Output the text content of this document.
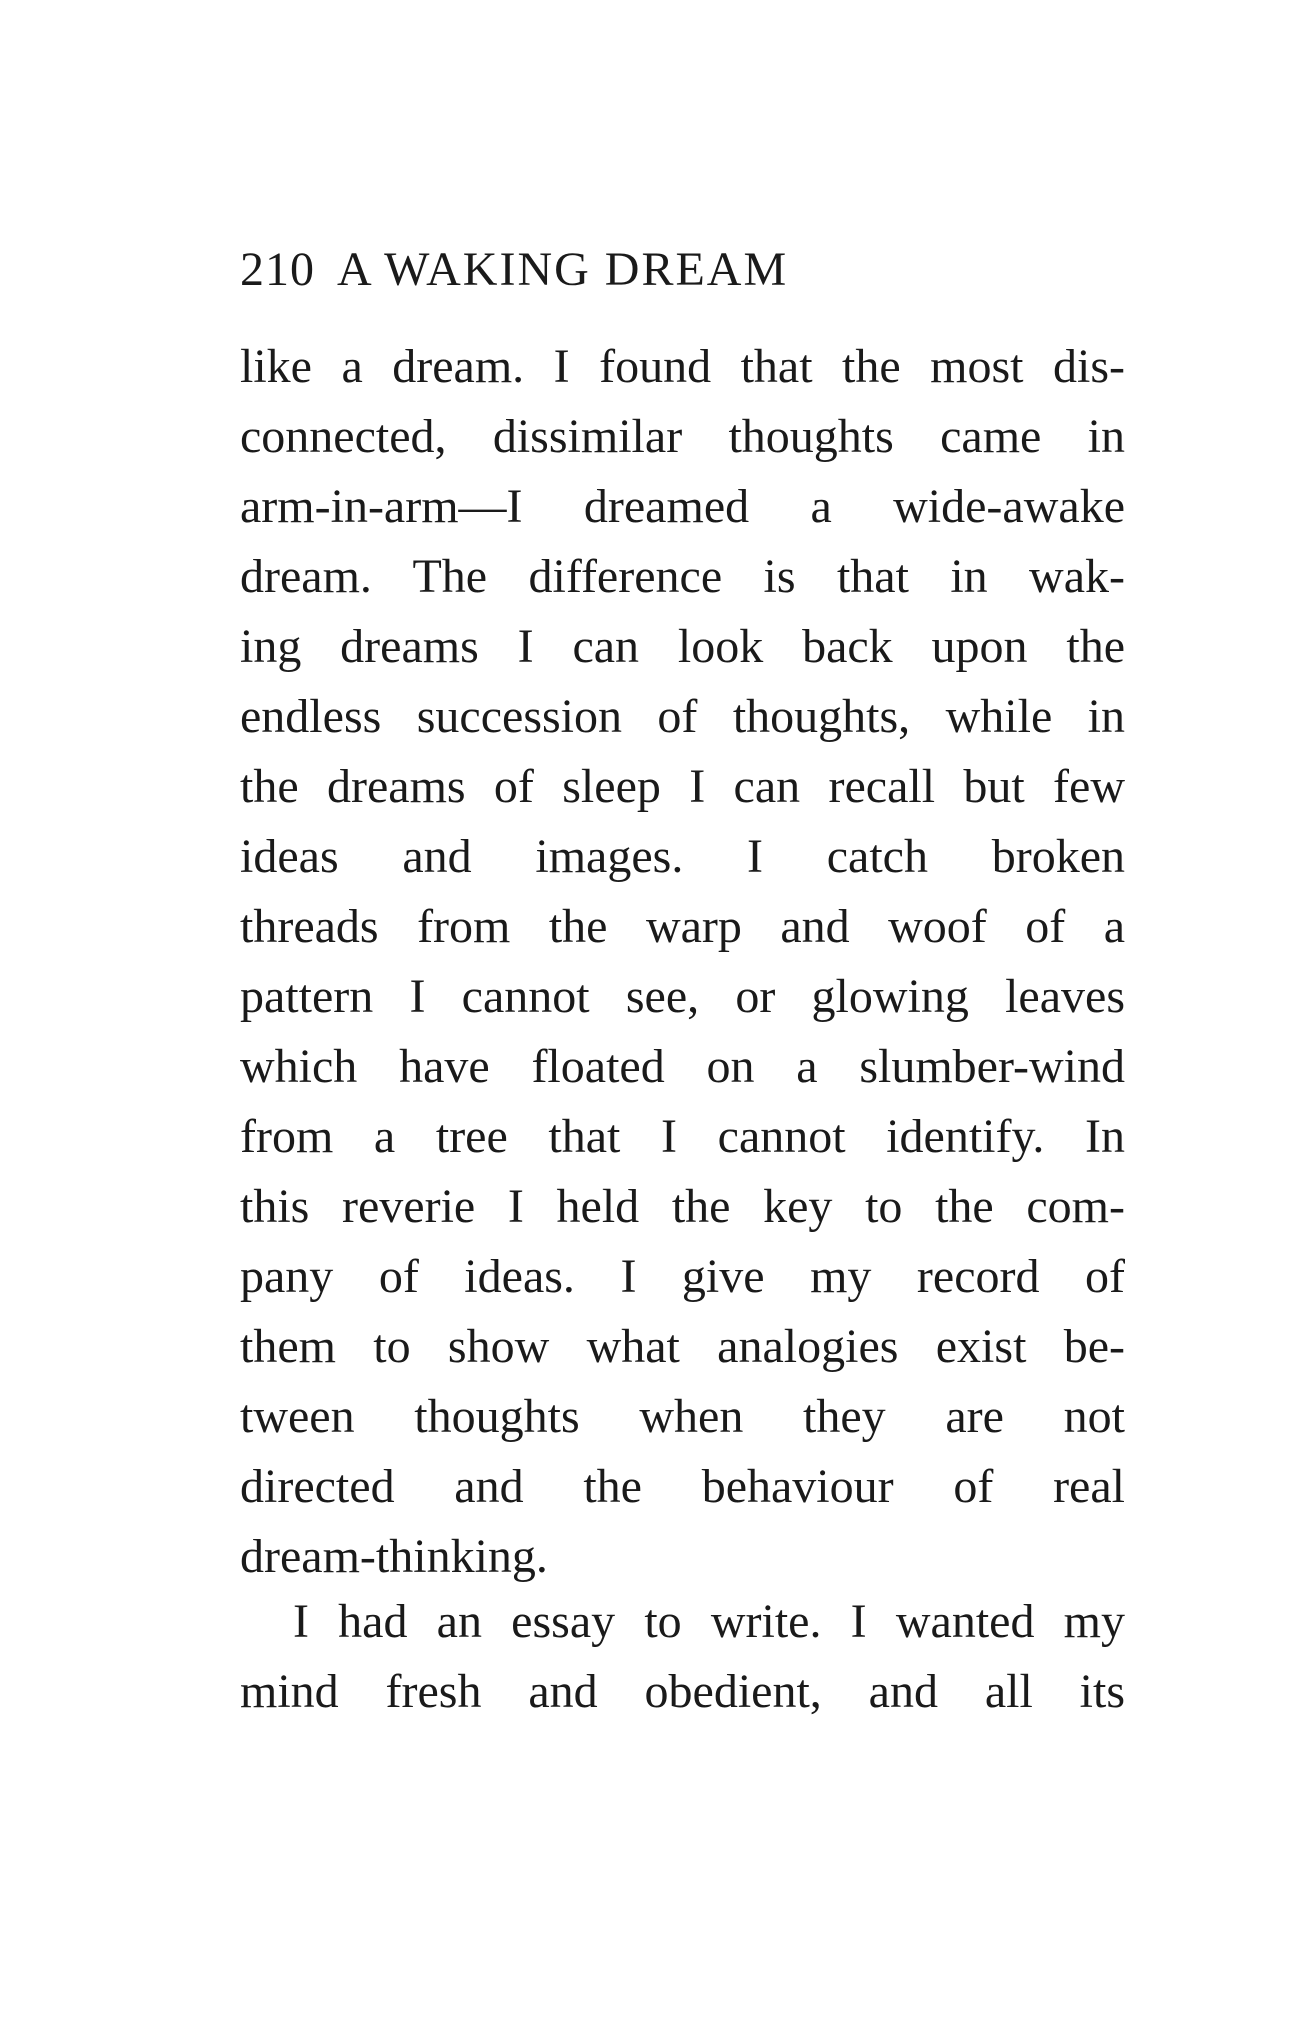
210 A WAKING DREAM
like a dream. I found that the most dis-
connected, dissimilar thoughts came in
arm-in-arm—I dreamed a wide-awake
dream. The difference is that in wak-
ing dreams I can look back upon the
endless succession of thoughts, while in
the dreams of sleep I can recall but few
ideas and images. I catch broken
threads from the warp and woof of a
pattern I cannot see, or glowing leaves
which have floated on a slumber-wind
from a tree that I cannot identify. In
this reverie I held the key to the com-
pany of ideas. I give my record of
them to show what analogies exist be-
tween thoughts when they are not
directed and the behaviour of real
dream-thinking.
I had an essay to write. I wanted my
mind fresh and obedient, and all its
